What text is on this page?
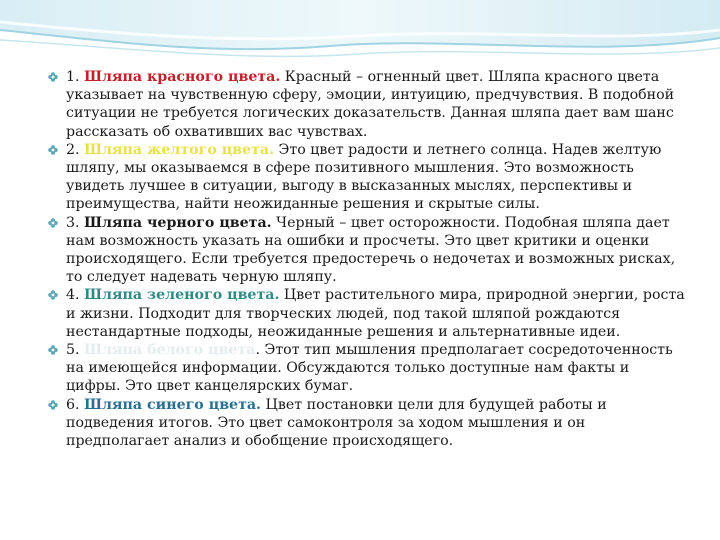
1. Шляпа красного цвета. Красный – огненный цвет. Шляпа красного цвета указывает на чувственную сферу, эмоции, интуицию, предчувствия. В подобной ситуации не требуется логических доказательств. Данная шляпа дает вам шанс рассказать об охвативших вас чувствах.
2. Шляпа желтого цвета. Это цвет радости и летнего солнца. Надев желтую шляпу, мы оказываемся в сфере позитивного мышления. Это возможность увидеть лучшее в ситуации, выгоду в высказанных мыслях, перспективы и преимущества, найти неожиданные решения и скрытые силы.
3. Шляпа черного цвета. Черный – цвет осторожности. Подобная шляпа дает нам возможность указать на ошибки и просчеты. Это цвет критики и оценки происходящего. Если требуется предостеречь о недочетах и возможных рисках, то следует надевать черную шляпу.
4. Шляпа зеленого цвета. Цвет растительного мира, природной энергии, роста и жизни. Подходит для творческих людей, под такой шляпой рождаются нестандартные подходы, неожиданные решения и альтернативные идеи.
5. Шляпа белого цвета. Этот тип мышления предполагает сосредоточенность на имеющейся информации. Обсуждаются только доступные нам факты и цифры. Это цвет канцелярских бумаг.
6. Шляпа синего цвета. Цвет постановки цели для будущей работы и подведения итогов. Это цвет самоконтроля за ходом мышления и он предполагает анализ и обобщение происходящего.
